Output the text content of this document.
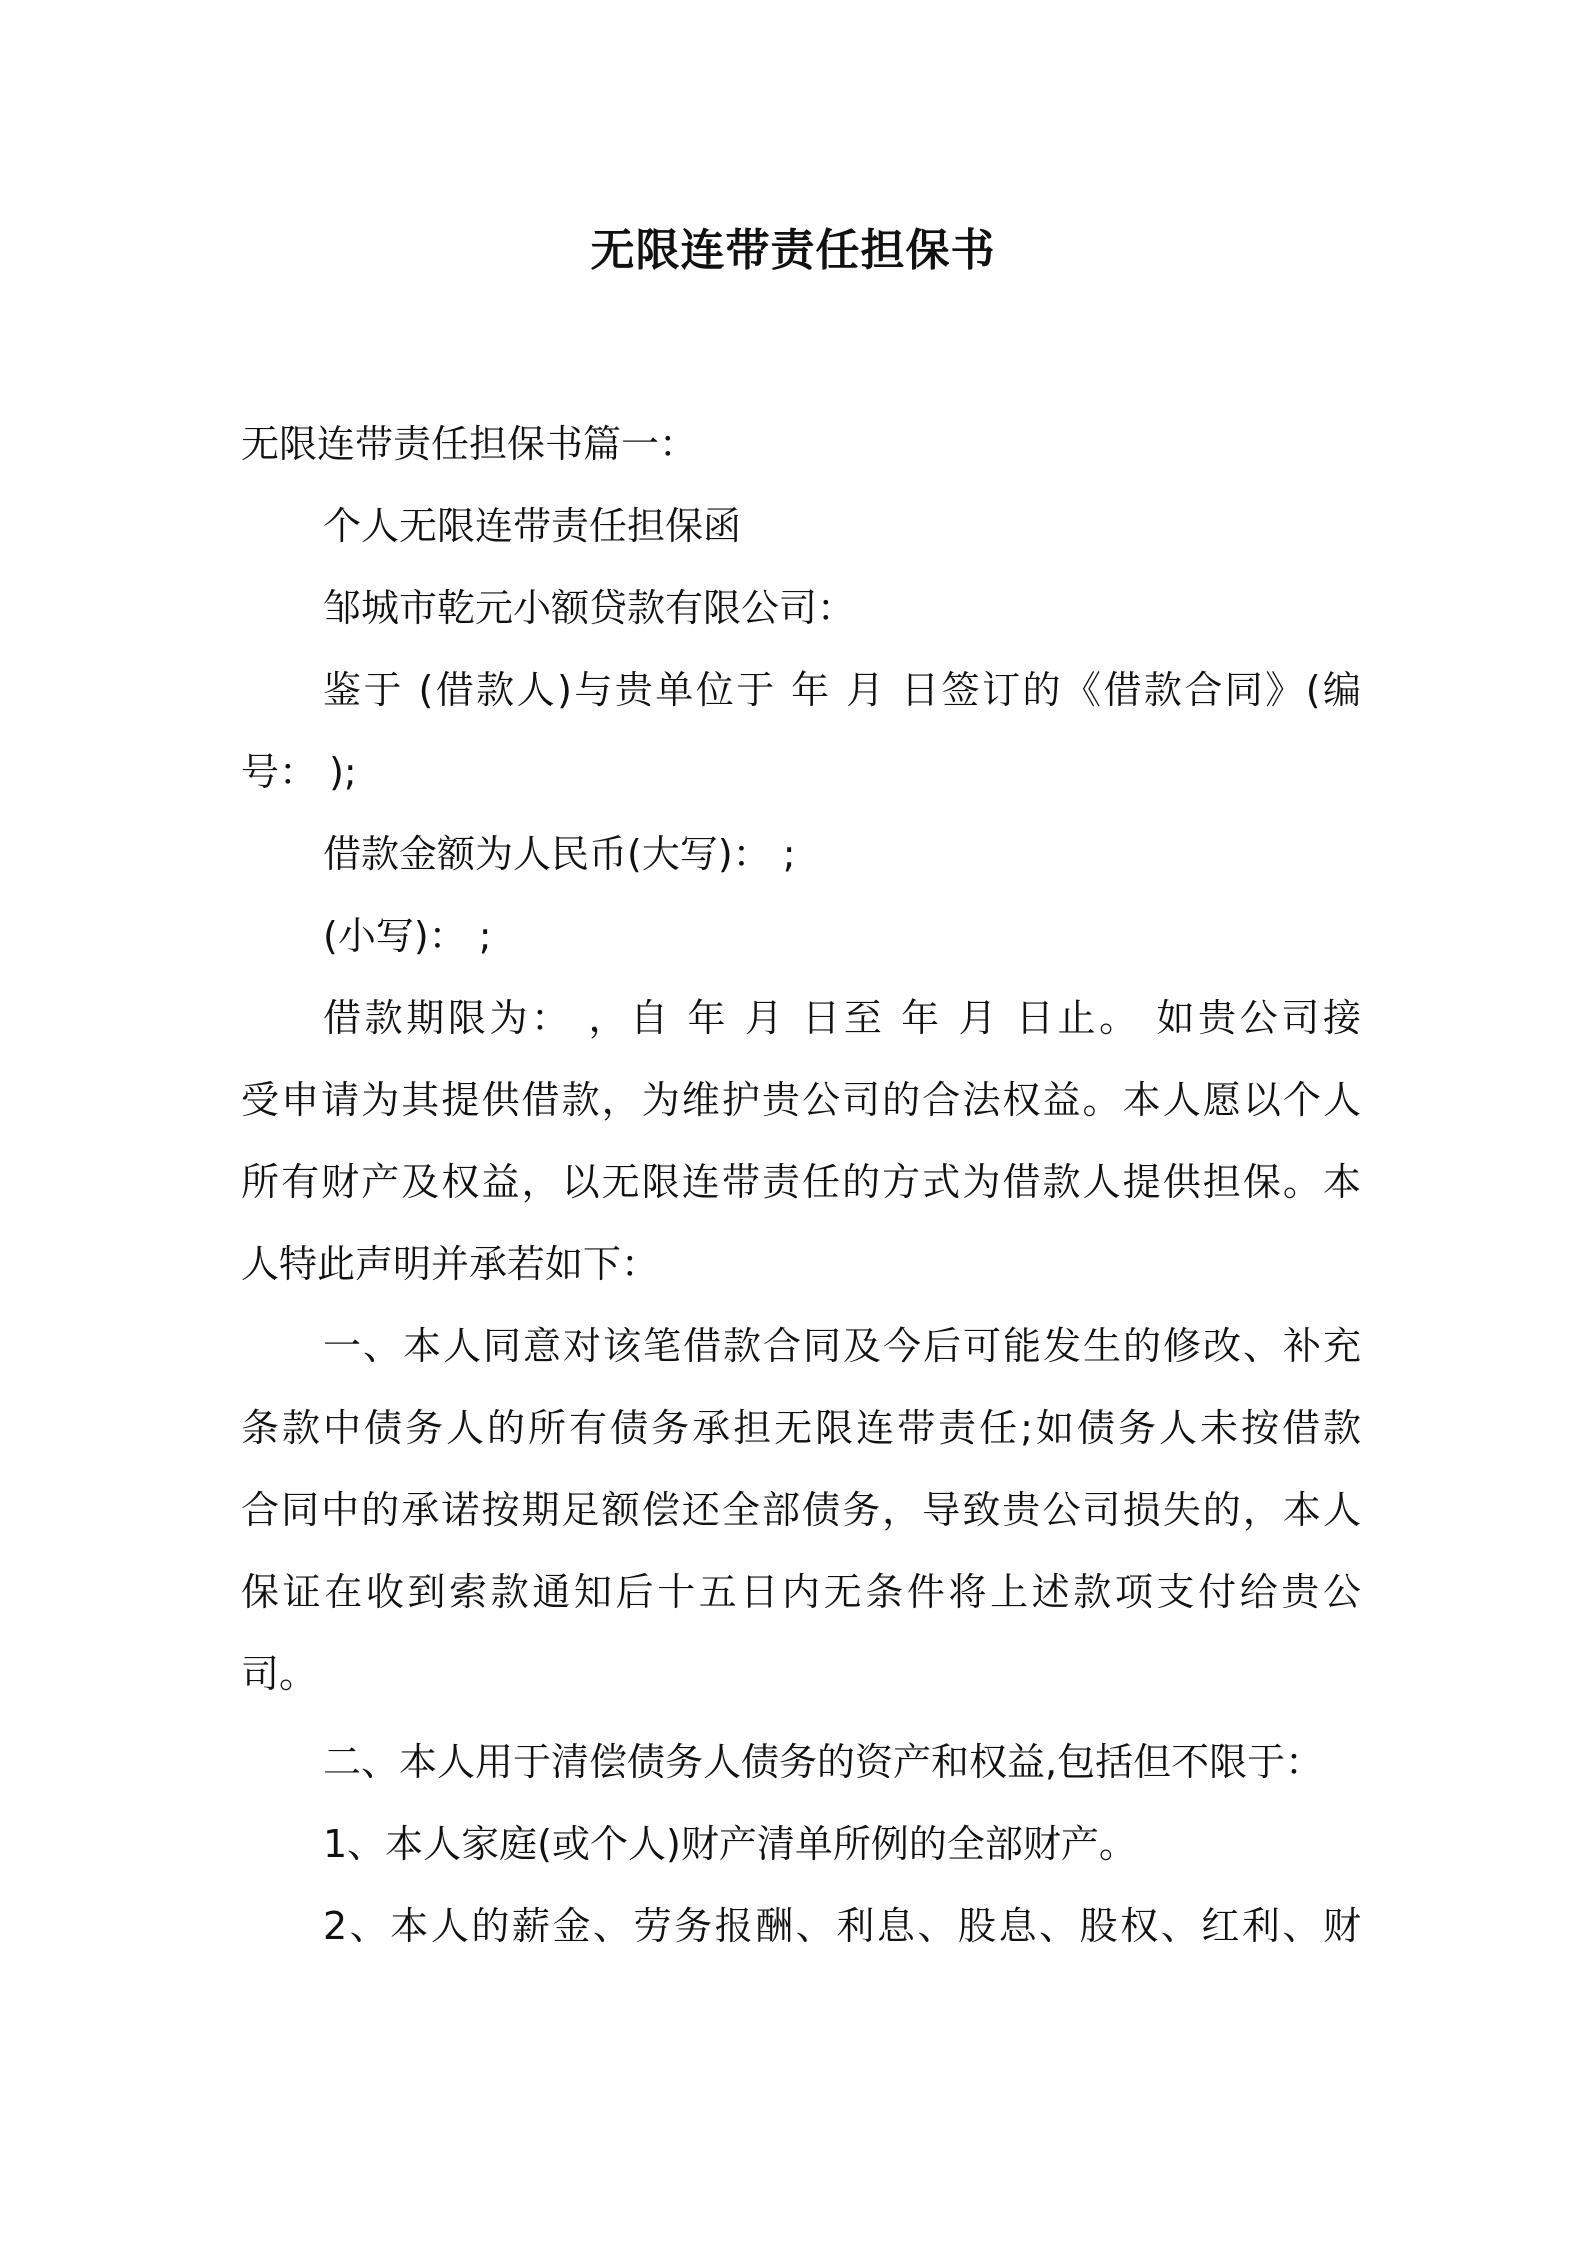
无限连带责任担保书
无限连带责任担保书篇一：
个人无限连带责任担保函
邹城市乾元小额贷款有限公司：
鉴于 (借款人)与贵单位于 年 月 日签订的《借款合同》(编
号： );
借款金额为人民币(大写)： ;
(小写)： ;
借款期限为： ，自 年 月 日至 年 月 日止。 如贵公司接
受申请为其提供借款，为维护贵公司的合法权益。本人愿以个人
所有财产及权益，以无限连带责任的方式为借款人提供担保。本
人特此声明并承若如下：
一、本人同意对该笔借款合同及今后可能发生的修改、补充
条款中债务人的所有债务承担无限连带责任;如债务人未按借款
合同中的承诺按期足额偿还全部债务，导致贵公司损失的，本人
保证在收到索款通知后十五日内无条件将上述款项支付给贵公
司。
二、本人用于清偿债务人债务的资产和权益,包括但不限于：
1、本人家庭(或个人)财产清单所例的全部财产。
2、本人的薪金、劳务报酬、利息、股息、股权、红利、财
